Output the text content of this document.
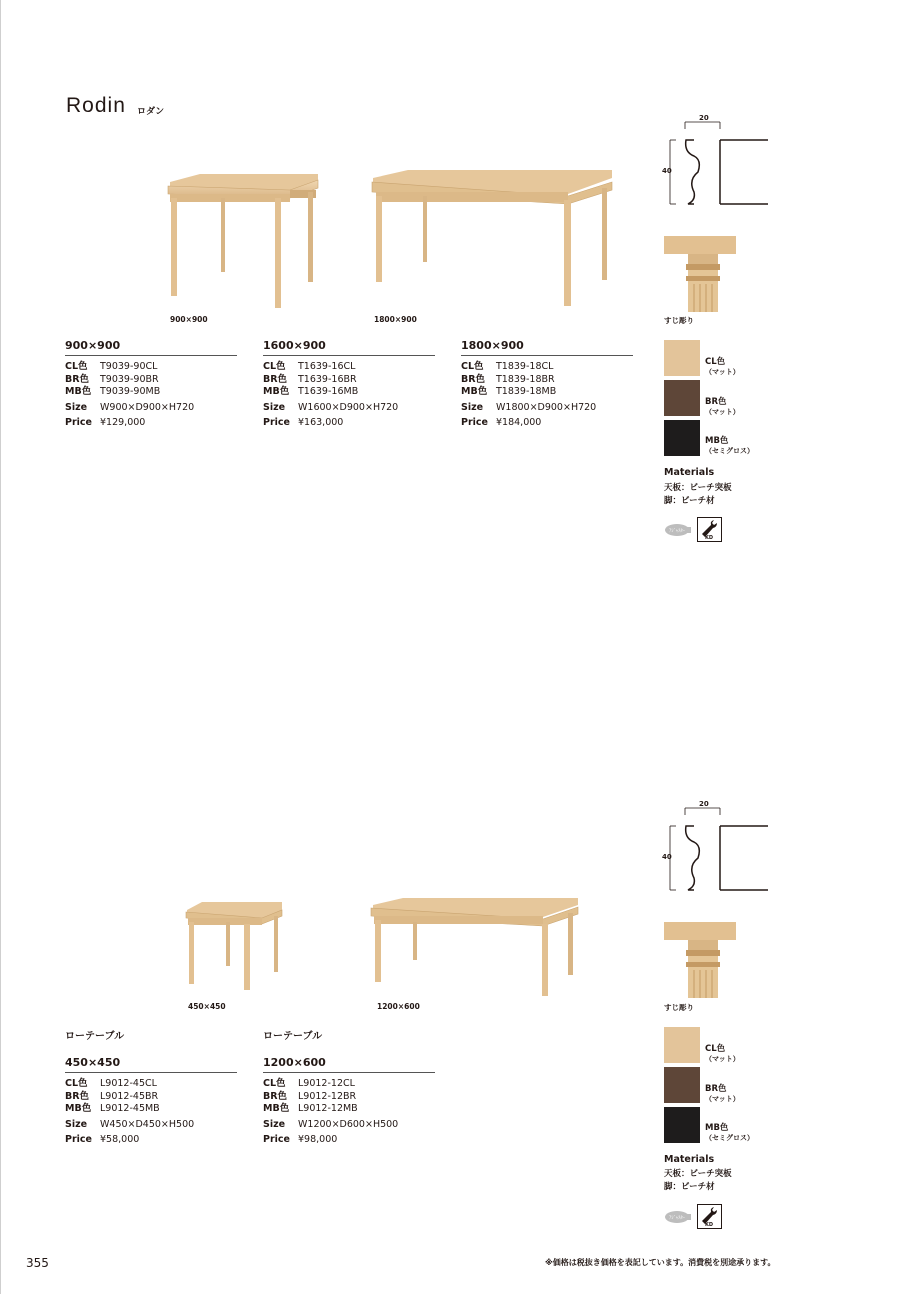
Rodin ロダン
900×900	1800×900
20
40
すじ彫り
900×900
CL色	T9039-90CL
BR色	T9039-90BR
MB色 T9039-90MB
Size	W900×D900×H720
Price ¥129,000
1600×900
CL色	T1639-16CL
BR色	T1639-16BR
MB色 T1639-16MB
Size	W1600×D900×H720
Price ¥163,000
1800×900
CL色	T1839-18CL
BR色	T1839-18BR
MB色 T1839-18MB
Size	W1800×D900×H720
Price ¥184,000
CL色
（マット）
BR色
（マット）
MB色
（セミグロス）
Materials
天板：ビーチ突板
脚：ビーチ材
ｱｼﾞｬｽﾀｰ
KD
450×450	1200×600
20
40
すじ彫り
ローテーブル
450×450
CL色	L9012-45CL
BR色	L9012-45BR
MB色 L9012-45MB
Size	W450×D450×H500
Price ¥58,000
ローテーブル
1200×600
CL色	L9012-12CL
BR色	L9012-12BR
MB色 L9012-12MB
Size	W1200×D600×H500
Price ¥98,000
CL色
（マット）
BR色
（マット）
MB色
（セミグロス）
Materials
天板：ビーチ突板
脚：ビーチ材
ｱｼﾞｬｽﾀｰ
KD
355	※価格は税抜き価格を表記しています。消費税を別途承ります。
